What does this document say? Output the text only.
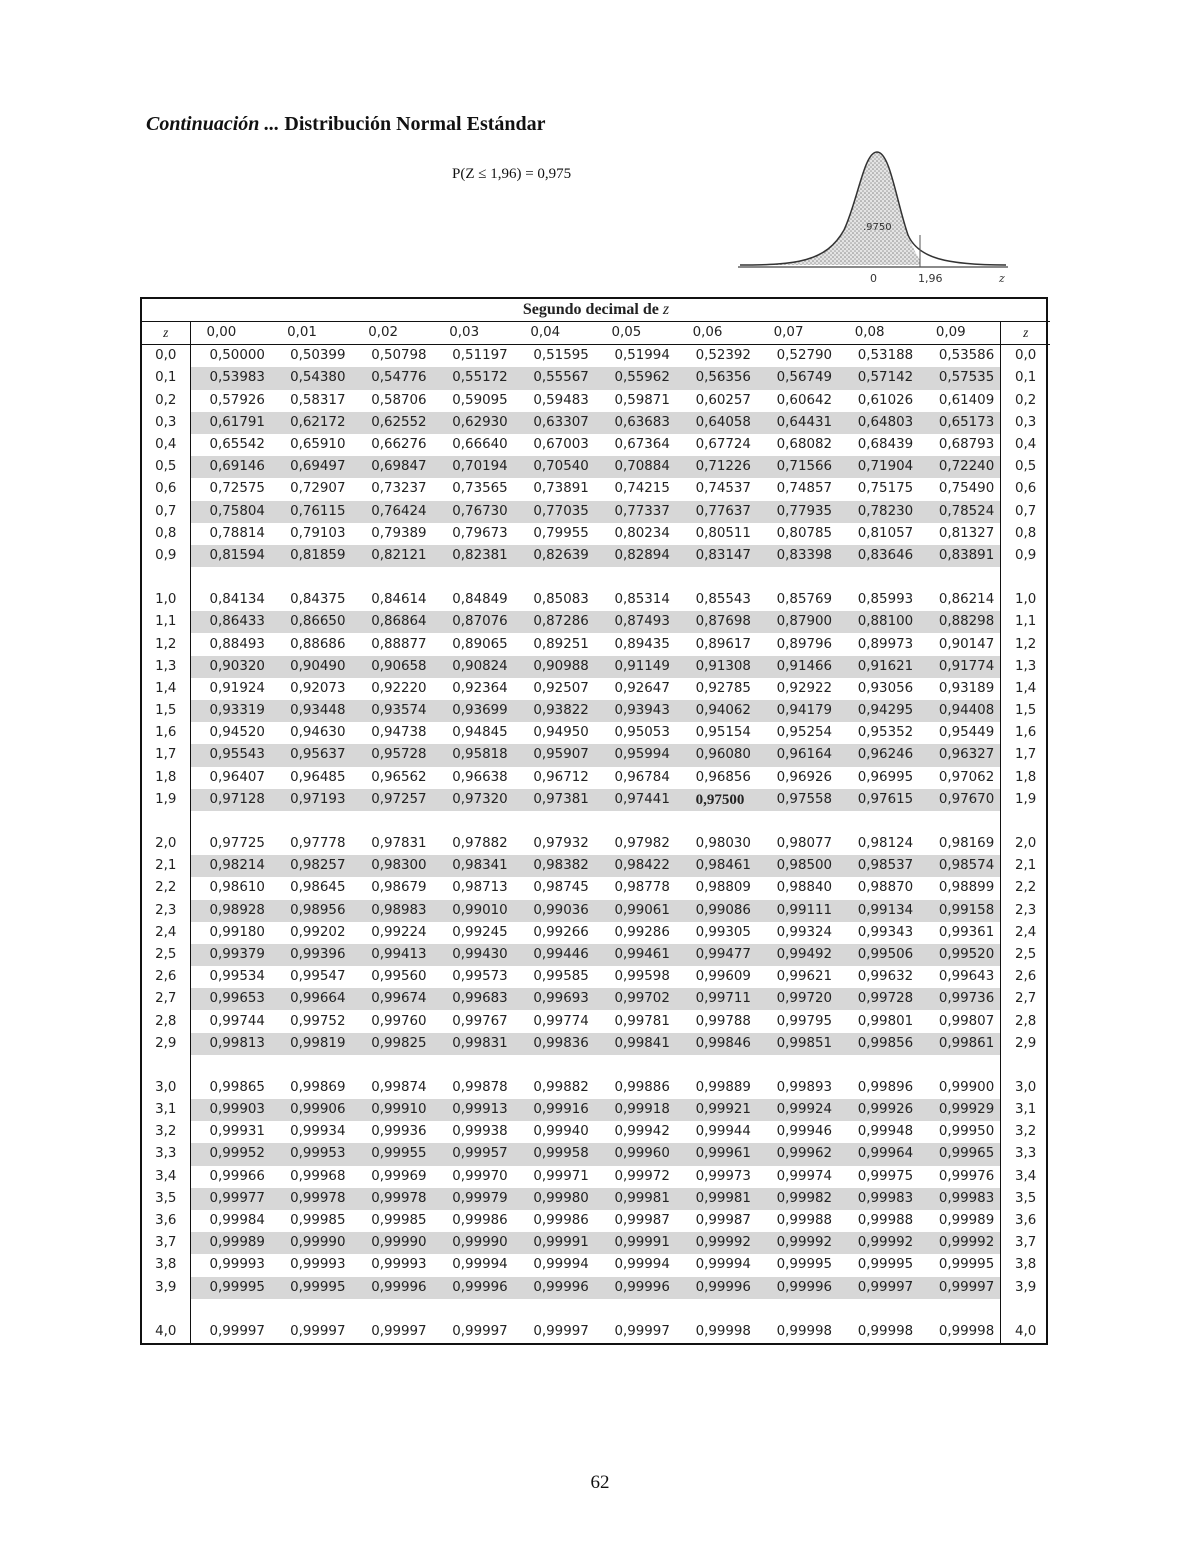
Continuación ... Distribución Normal Estándar
P(Z ≤ 1,96) = 0,975
.9750
0	1,96	z
Segundo decimal de z											
z	0,00	0,01	0,02	0,03	0,04	0,05	0,06	0,07	0,08	0,09	z
0,0	0,50000	0,50399	0,50798	0,51197	0,51595	0,51994	0,52392	0,52790	0,53188	0,53586	0,0
0,1	0,53983	0,54380	0,54776	0,55172	0,55567	0,55962	0,56356	0,56749	0,57142	0,57535	0,1
0,2	0,57926	0,58317	0,58706	0,59095	0,59483	0,59871	0,60257	0,60642	0,61026	0,61409	0,2
0,3	0,61791	0,62172	0,62552	0,62930	0,63307	0,63683	0,64058	0,64431	0,64803	0,65173	0,3
0,4	0,65542	0,65910	0,66276	0,66640	0,67003	0,67364	0,67724	0,68082	0,68439	0,68793	0,4
0,5	0,69146	0,69497	0,69847	0,70194	0,70540	0,70884	0,71226	0,71566	0,71904	0,72240	0,5
0,6	0,72575	0,72907	0,73237	0,73565	0,73891	0,74215	0,74537	0,74857	0,75175	0,75490	0,6
0,7	0,75804	0,76115	0,76424	0,76730	0,77035	0,77337	0,77637	0,77935	0,78230	0,78524	0,7
0,8	0,78814	0,79103	0,79389	0,79673	0,79955	0,80234	0,80511	0,80785	0,81057	0,81327	0,8
0,9	0,81594	0,81859	0,82121	0,82381	0,82639	0,82894	0,83147	0,83398	0,83646	0,83891	0,9

1,0	0,84134	0,84375	0,84614	0,84849	0,85083	0,85314	0,85543	0,85769	0,85993	0,86214	1,0
1,1	0,86433	0,86650	0,86864	0,87076	0,87286	0,87493	0,87698	0,87900	0,88100	0,88298	1,1
1,2	0,88493	0,88686	0,88877	0,89065	0,89251	0,89435	0,89617	0,89796	0,89973	0,90147	1,2
1,3	0,90320	0,90490	0,90658	0,90824	0,90988	0,91149	0,91308	0,91466	0,91621	0,91774	1,3
1,4	0,91924	0,92073	0,92220	0,92364	0,92507	0,92647	0,92785	0,92922	0,93056	0,93189	1,4
1,5	0,93319	0,93448	0,93574	0,93699	0,93822	0,93943	0,94062	0,94179	0,94295	0,94408	1,5
1,6	0,94520	0,94630	0,94738	0,94845	0,94950	0,95053	0,95154	0,95254	0,95352	0,95449	1,6
1,7	0,95543	0,95637	0,95728	0,95818	0,95907	0,95994	0,96080	0,96164	0,96246	0,96327	1,7
1,8	0,96407	0,96485	0,96562	0,96638	0,96712	0,96784	0,96856	0,96926	0,96995	0,97062	1,8
1,9	0,97128	0,97193	0,97257	0,97320	0,97381	0,97441	0,97500	0,97558	0,97615	0,97670	1,9

2,0	0,97725	0,97778	0,97831	0,97882	0,97932	0,97982	0,98030	0,98077	0,98124	0,98169	2,0
2,1	0,98214	0,98257	0,98300	0,98341	0,98382	0,98422	0,98461	0,98500	0,98537	0,98574	2,1
2,2	0,98610	0,98645	0,98679	0,98713	0,98745	0,98778	0,98809	0,98840	0,98870	0,98899	2,2
2,3	0,98928	0,98956	0,98983	0,99010	0,99036	0,99061	0,99086	0,99111	0,99134	0,99158	2,3
2,4	0,99180	0,99202	0,99224	0,99245	0,99266	0,99286	0,99305	0,99324	0,99343	0,99361	2,4
2,5	0,99379	0,99396	0,99413	0,99430	0,99446	0,99461	0,99477	0,99492	0,99506	0,99520	2,5
2,6	0,99534	0,99547	0,99560	0,99573	0,99585	0,99598	0,99609	0,99621	0,99632	0,99643	2,6
2,7	0,99653	0,99664	0,99674	0,99683	0,99693	0,99702	0,99711	0,99720	0,99728	0,99736	2,7
2,8	0,99744	0,99752	0,99760	0,99767	0,99774	0,99781	0,99788	0,99795	0,99801	0,99807	2,8
2,9	0,99813	0,99819	0,99825	0,99831	0,99836	0,99841	0,99846	0,99851	0,99856	0,99861	2,9

3,0	0,99865	0,99869	0,99874	0,99878	0,99882	0,99886	0,99889	0,99893	0,99896	0,99900	3,0
3,1	0,99903	0,99906	0,99910	0,99913	0,99916	0,99918	0,99921	0,99924	0,99926	0,99929	3,1
3,2	0,99931	0,99934	0,99936	0,99938	0,99940	0,99942	0,99944	0,99946	0,99948	0,99950	3,2
3,3	0,99952	0,99953	0,99955	0,99957	0,99958	0,99960	0,99961	0,99962	0,99964	0,99965	3,3
3,4	0,99966	0,99968	0,99969	0,99970	0,99971	0,99972	0,99973	0,99974	0,99975	0,99976	3,4
3,5	0,99977	0,99978	0,99978	0,99979	0,99980	0,99981	0,99981	0,99982	0,99983	0,99983	3,5
3,6	0,99984	0,99985	0,99985	0,99986	0,99986	0,99987	0,99987	0,99988	0,99988	0,99989	3,6
3,7	0,99989	0,99990	0,99990	0,99990	0,99991	0,99991	0,99992	0,99992	0,99992	0,99992	3,7
3,8	0,99993	0,99993	0,99993	0,99994	0,99994	0,99994	0,99994	0,99995	0,99995	0,99995	3,8
3,9	0,99995	0,99995	0,99996	0,99996	0,99996	0,99996	0,99996	0,99996	0,99997	0,99997	3,9

4,0	0,99997	0,99997	0,99997	0,99997	0,99997	0,99997	0,99998	0,99998	0,99998	0,99998	4,0
62
